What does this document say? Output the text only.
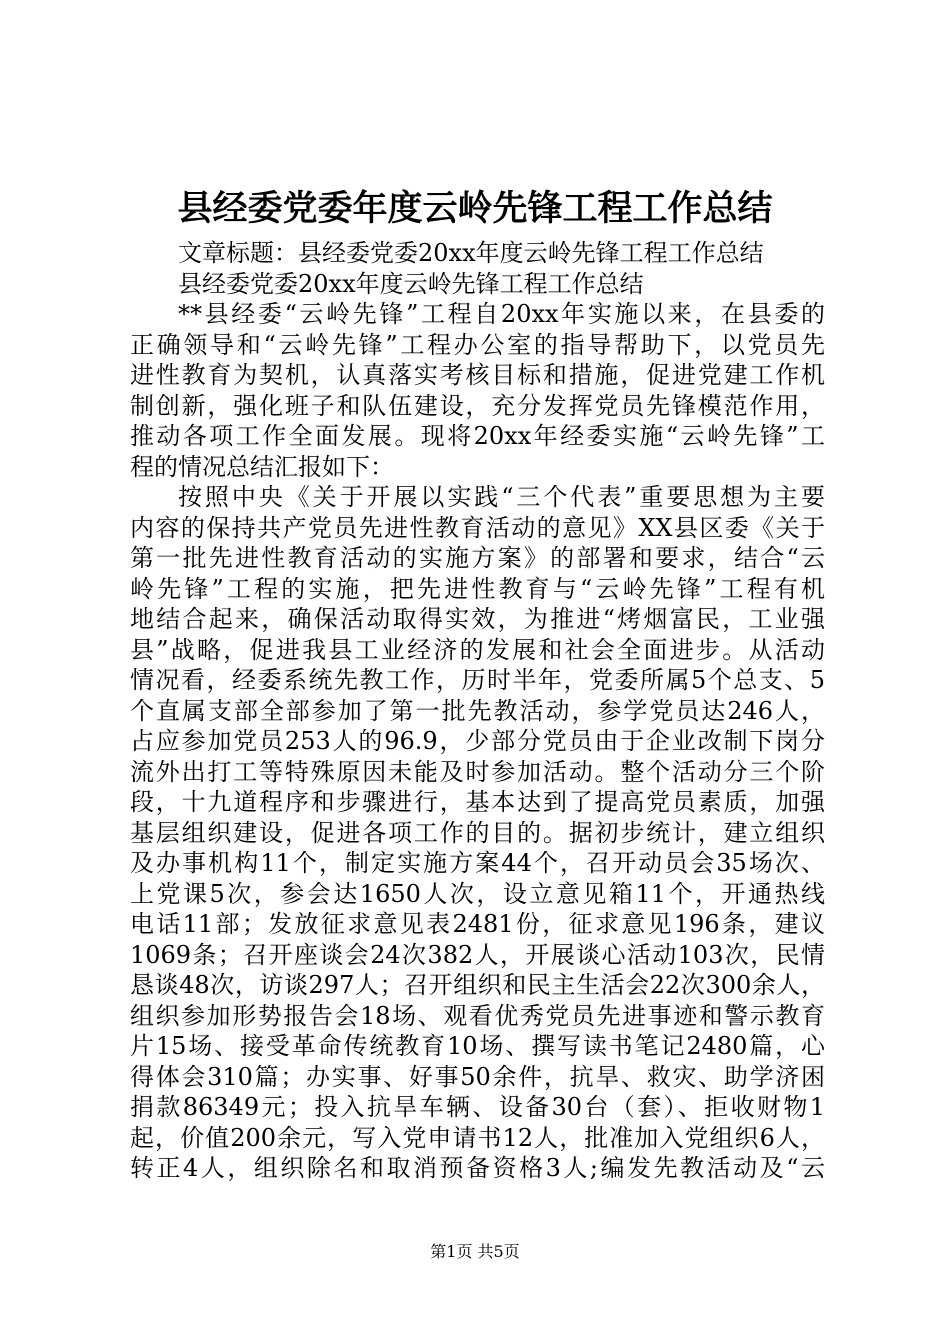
县经委党委年度云岭先锋工程工作总结
文章标题：县经委党委20xx年度云岭先锋工程工作总结
县经委党委20xx年度云岭先锋工程工作总结
**县经委“云岭先锋”工程自20xx年实施以来，在县委的
正确领导和“云岭先锋”工程办公室的指导帮助下，以党员先
进性教育为契机，认真落实考核目标和措施，促进党建工作机
制创新，强化班子和队伍建设，充分发挥党员先锋模范作用，
推动各项工作全面发展。现将20xx年经委实施“云岭先锋”工
程的情况总结汇报如下：
按照中央《关于开展以实践“三个代表”重要思想为主要
内容的保持共产党员先进性教育活动的意见》XX县区委《关于
第一批先进性教育活动的实施方案》的部署和要求，结合“云
岭先锋”工程的实施，把先进性教育与“云岭先锋”工程有机
地结合起来，确保活动取得实效，为推进“烤烟富民，工业强
县”战略，促进我县工业经济的发展和社会全面进步。从活动
情况看，经委系统先教工作，历时半年，党委所属5个总支、5
个直属支部全部参加了第一批先教活动，参学党员达246人，
占应参加党员253人的96.9，少部分党员由于企业改制下岗分
流外出打工等特殊原因未能及时参加活动。整个活动分三个阶
段，十九道程序和步骤进行，基本达到了提高党员素质，加强
基层组织建设，促进各项工作的目的。据初步统计，建立组织
及办事机构11个，制定实施方案44个，召开动员会35场次、
上党课5次，参会达1650人次，设立意见箱11个，开通热线
电话11部；发放征求意见表2481份，征求意见196条，建议
1069条；召开座谈会24次382人，开展谈心活动103次，民情
恳谈48次，访谈297人；召开组织和民主生活会22次300余人，
组织参加形势报告会18场、观看优秀党员先进事迹和警示教育
片15场、接受革命传统教育10场、撰写读书笔记2480篇，心
得体会310篇；办实事、好事50余件，抗旱、救灾、助学济困
捐款86349元；投入抗旱车辆、设备30台（套）、拒收财物1
起，价值200余元，写入党申请书12人，批准加入党组织6人，
转正4人，组织除名和取消预备资格3人;编发先教活动及“云
第1页 共5页
